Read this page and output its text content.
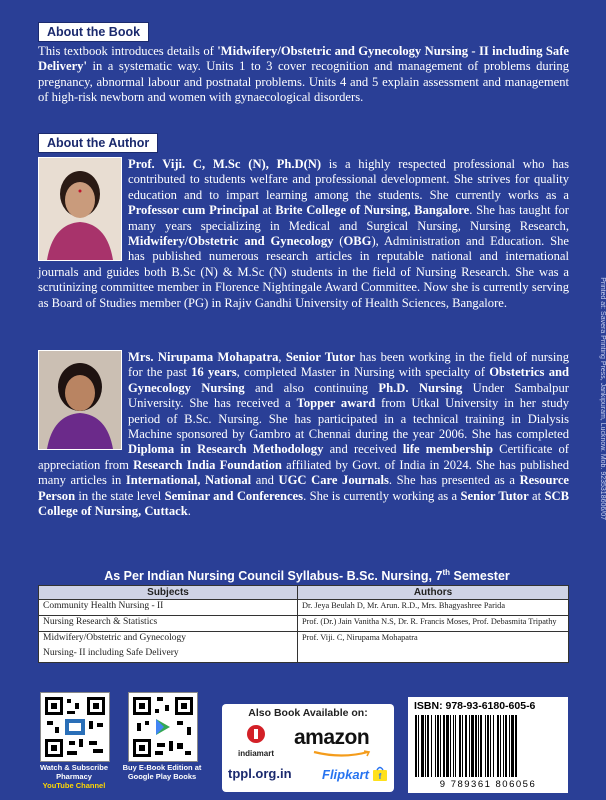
About the Book
This textbook introduces details of 'Midwifery/Obstetric and Gynecology Nursing - II including Safe Delivery' in a systematic way. Units 1 to 3 cover recognition and management of problems during pregnancy, abnormal labour and postnatal problems. Units 4 and 5 explain assessment and management of high-risk newborn and women with gynaecological disorders.
About the Author
Prof. Viji. C, M.Sc (N), Ph.D(N) is a highly respected professional who has contributed to students welfare and professional development. She strives for quality education and to impart learning among the students. She currently works as a Professor cum Principal at Brite College of Nursing, Bangalore. She has taught for many years specializing in Medical and Surgical Nursing, Nursing Research, Midwifery/Obstetric and Gynecology (OBG), Administration and Education. She has published numerous research articles in reputable national and international journals and guides both B.Sc (N) & M.Sc (N) students in the field of Nursing Research. She was a scrutinizing committee member in Florence Nightingale Award Committee. Now she is currently serving as Board of Studies member (PG) in Rajiv Gandhi University of Health Sciences, Bangalore.
Mrs. Nirupama Mohapatra, Senior Tutor has been working in the field of nursing for the past 16 years, completed Master in Nursing with specialty of Obstetrics and Gynecology Nursing and also continuing Ph.D. Nursing Under Sambalpur University. She has received a Topper award from Utkal University in her study period of B.Sc. Nursing. She has participated in a technical training in Dialysis Machine sponsored by Gambro at Chennai during the year 2006. She has completed Diploma in Research Methodology and received life membership Certificate of appreciation from Research India Foundation affiliated by Govt. of India in 2024. She has published many articles in International, National and UGC Care Journals. She has presented as a Resource Person in the state level Seminar and Conferences. She is currently working as a Senior Tutor at SCB College of Nursing, Cuttack.	Printed at: Savera Printing Press, Jankipuram, Lucknow. Mob. 9235318606/07
As Per Indian Nursing Council Syllabus- B.Sc. Nursing, 7th Semester
Subjects	Authors
Community Health Nursing - II	Dr. Jeya Beulah D, Mr. Arun. R.D., Mrs. Bhagyashree Parida
Nursing Research & Statistics	Prof. (Dr.) Jain Vanitha N.S, Dr. R. Francis Moses, Prof. Debasmita Tripathy
Midwifery/Obstetric and Gynecology	Prof. Viji. C, Nirupama Mohapatra
Nursing- II including Safe Delivery	
Watch & Subscribe
Pharmacy
YouTube Channel
Buy E-Book Edition at
Google Play Books
Also Book Available on:
indiamart
amazon
tppl.org.in Flipkart f
ISBN: 978-93-6180-605-6
9 789361 806056
